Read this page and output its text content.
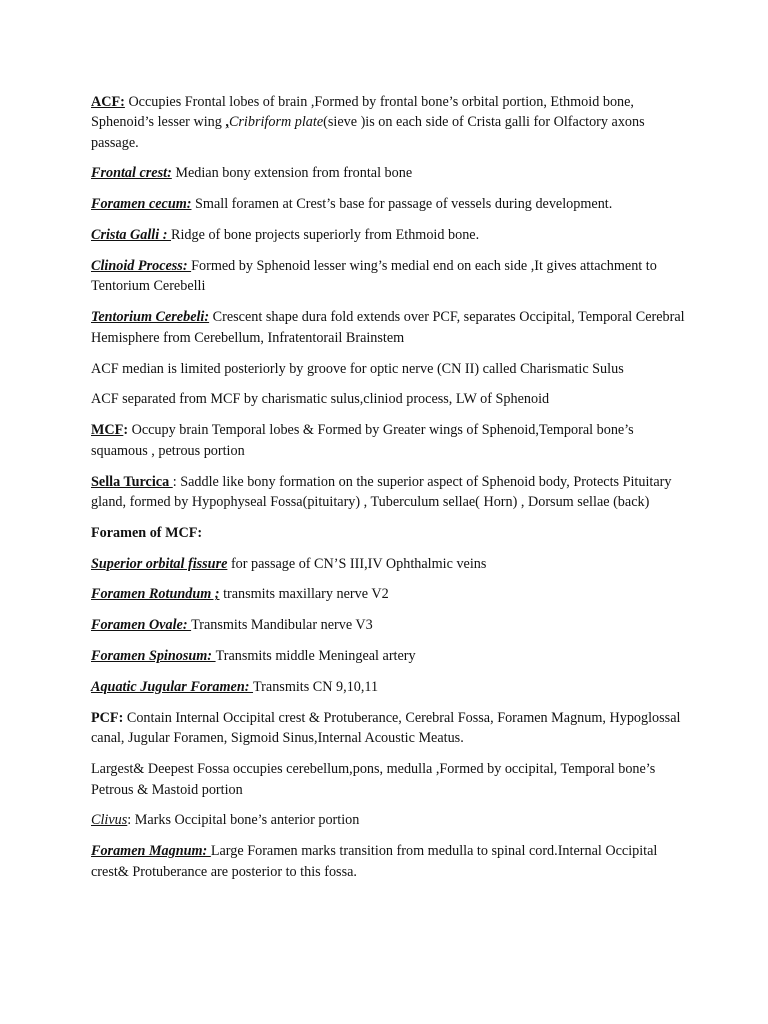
ACF: Occupies Frontal lobes of brain ,Formed by frontal bone’s orbital portion, Ethmoid bone, Sphenoid’s lesser wing ,Cribriform plate(sieve )is on each side of Crista galli for Olfactory axons passage.

Frontal crest: Median bony extension from frontal bone

Foramen cecum: Small foramen at Crest’s base for passage of vessels during development.

Crista Galli : Ridge of bone projects superiorly from Ethmoid bone.

Clinoid Process: Formed by Sphenoid lesser wing’s medial end on each side ,It gives attachment to Tentorium Cerebelli

Tentorium Cerebeli: Crescent shape dura fold extends over PCF, separates Occipital, Temporal Cerebral Hemisphere from Cerebellum, Infratentorail Brainstem

ACF median is limited posteriorly by groove for optic nerve (CN II) called Charismatic Sulus

ACF separated from MCF by charismatic sulus,cliniod process, LW of Sphenoid

MCF: Occupy brain Temporal lobes & Formed by Greater wings of Sphenoid,Temporal bone’s squamous , petrous portion

Sella Turcica : Saddle like bony formation on the superior aspect of Sphenoid body, Protects Pituitary gland, formed by Hypophyseal Fossa(pituitary) , Tuberculum sellae( Horn) , Dorsum sellae (back)

Foramen of MCF:

Superior orbital fissure for passage of CN’S III,IV Ophthalmic veins

Foramen Rotundum ; transmits maxillary nerve V2

Foramen Ovale: Transmits Mandibular nerve V3

Foramen Spinosum: Transmits middle Meningeal artery

Aquatic Jugular Foramen: Transmits CN 9,10,11

PCF: Contain Internal Occipital crest & Protuberance, Cerebral Fossa, Foramen Magnum, Hypoglossal canal, Jugular Foramen, Sigmoid Sinus,Internal Acoustic Meatus.

Largest& Deepest Fossa occupies cerebellum,pons, medulla ,Formed by occipital, Temporal bone’s Petrous & Mastoid portion

Clivus: Marks Occipital bone’s anterior portion

Foramen Magnum: Large Foramen marks transition from medulla to spinal cord.Internal Occipital crest& Protuberance are posterior to this fossa.
